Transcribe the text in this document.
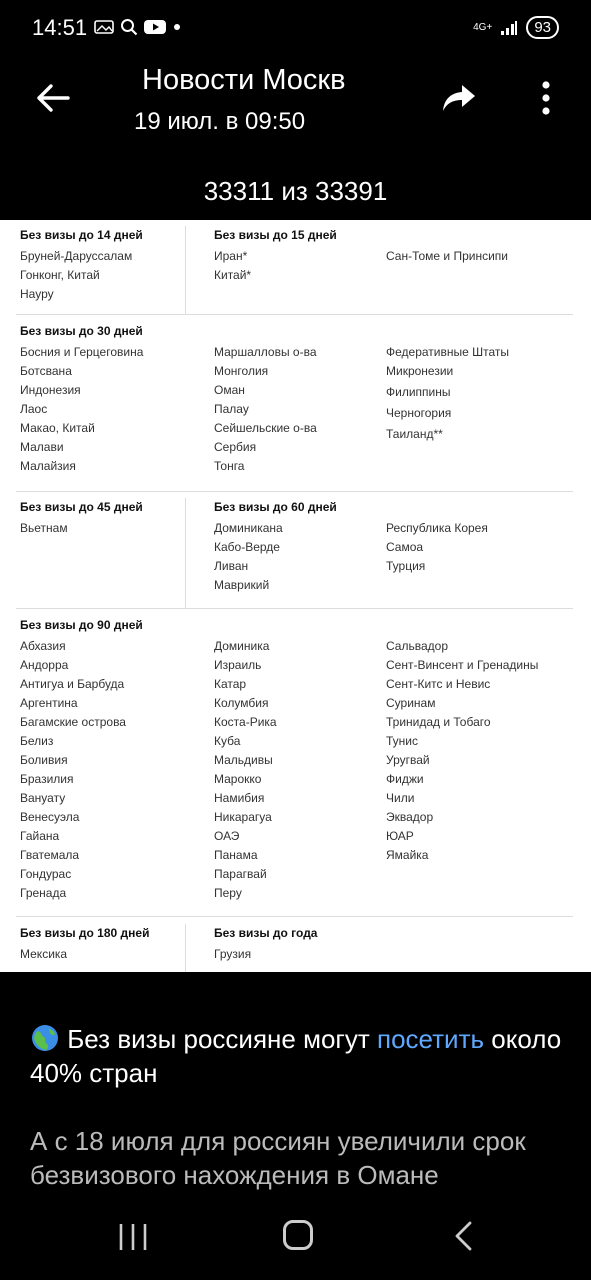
14:51	4G+	93
Новости Москв
19 июл. в 09:50
33311 из 33391
Без визы до 14 дней
Бруней-Даруссалам
Гонконг, Китай
Науру
Без визы до 15 дней
Иран*
Китай*
Сан-Томе и Принсипи
Без визы до 30 дней
Босния и Герцеговина
Ботсвана
Индонезия
Лаос
Макао, Китай
Малави
Малайзия
Маршалловы о-ва
Монголия
Оман
Палау
Сейшельские о-ва
Сербия
Тонга
Федеративные Штаты Микронезии
Филиппины
Черногория
Таиланд**
Без визы до 45 дней
Вьетнам
Без визы до 60 дней
Доминикана
Кабо-Верде
Ливан
Маврикий
Республика Корея
Самоа
Турция
Без визы до 90 дней
Абхазия
Андорра
Антигуа и Барбуда
Аргентина
Багамские острова
Белиз
Боливия
Бразилия
Вануату
Венесуэла
Гайана
Гватемала
Гондурас
Гренада
Доминика
Израиль
Катар
Колумбия
Коста-Рика
Куба
Мальдивы
Марокко
Намибия
Никарагуа
ОАЭ
Панама
Парагвай
Перу
Сальвадор
Сент-Винсент и Гренадины
Сент-Китс и Невис
Суринам
Тринидад и Тобаго
Тунис
Уругвай
Фиджи
Чили
Эквадор
ЮАР
Ямайка
Без визы до 180 дней
Мексика
Без визы до года
Грузия

Без визы россияне могут посетить около 40% стран

А с 18 июля для россиян увеличили срок безвизового нахождения в Омане
